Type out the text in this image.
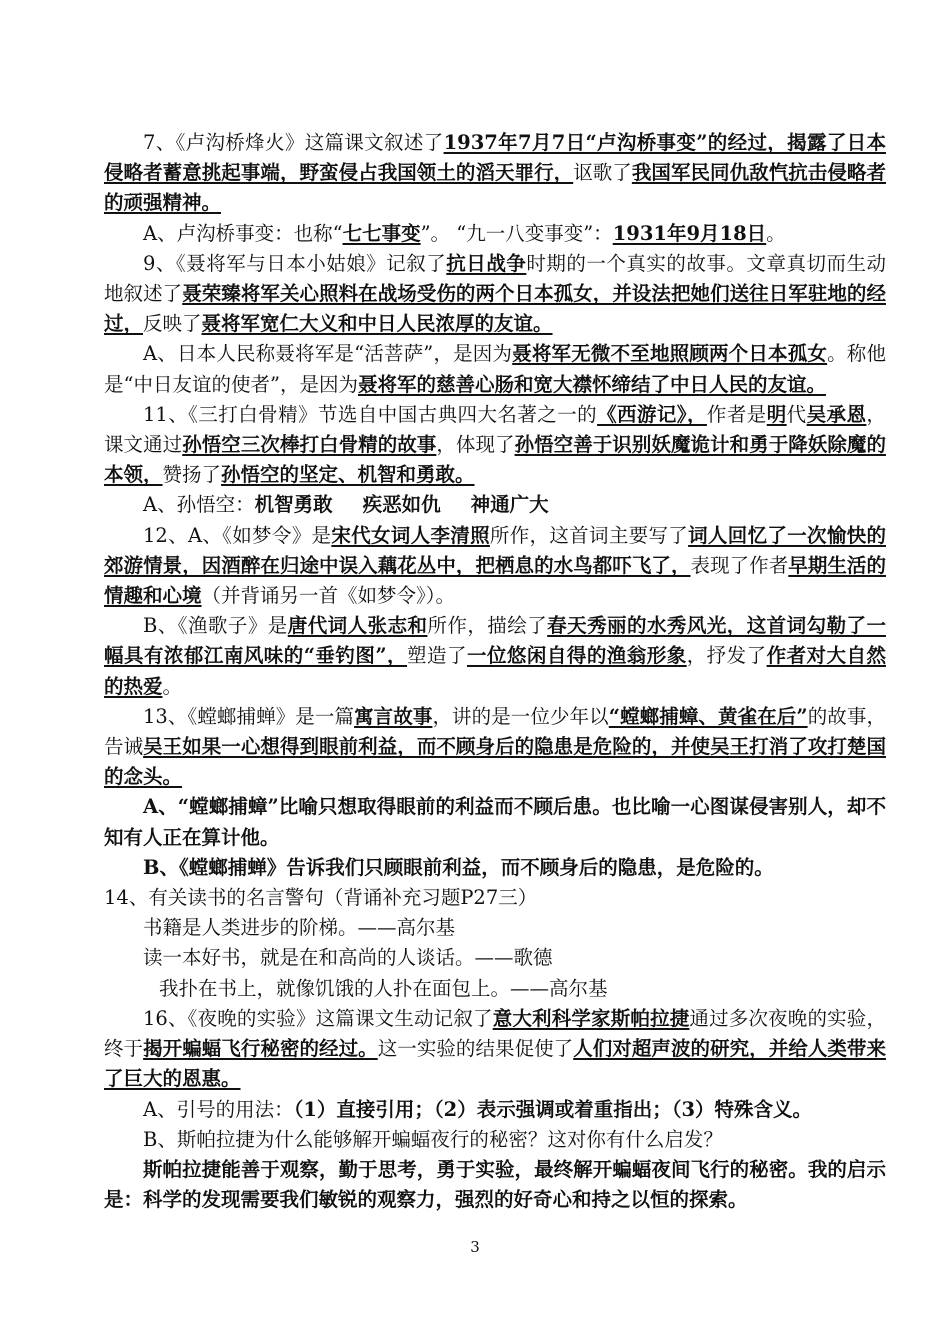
7、《卢沟桥烽火》这篇课文叙述了1937年7月7日“卢沟桥事变”的经过，揭露了日本侵略者蓄意挑起事端，野蛮侵占我国领土的滔天罪行，讴歌了我国军民同仇敌忾抗击侵略者的顽强精神。

A、卢沟桥事变：也称“七七事变”。 “九一八变事变”：1931年9月18日。

9、《聂将军与日本小姑娘》记叙了抗日战争时期的一个真实的故事。文章真切而生动地叙述了聂荣臻将军关心照料在战场受伤的两个日本孤女，并设法把她们送往日军驻地的经过，反映了聂将军宽仁大义和中日人民浓厚的友谊。

A、日本人民称聂将军是“活菩萨”，是因为聂将军无微不至地照顾两个日本孤女。称他是“中日友谊的使者”，是因为聂将军的慈善心肠和宽大襟怀缔结了中日人民的友谊。

11、《三打白骨精》节选自中国古典四大名著之一的《西游记》，作者是明代吴承恩，课文通过孙悟空三次棒打白骨精的故事，体现了孙悟空善于识别妖魔诡计和勇于降妖除魔的本领，赞扬了孙悟空的坚定、机智和勇敢。

A、孙悟空：机智勇敢 疾恶如仇 神通广大

12、A、《如梦令》是宋代女词人李清照所作，这首词主要写了词人回忆了一次愉快的郊游情景，因酒醉在归途中误入藕花丛中，把栖息的水鸟都吓飞了，表现了作者早期生活的情趣和心境（并背诵另一首《如梦令》）。

B、《渔歌子》是唐代词人张志和所作，描绘了春天秀丽的水秀风光，这首词勾勒了一幅具有浓郁江南风味的“垂钓图”，塑造了一位悠闲自得的渔翁形象，抒发了作者对大自然的热爱。

13、《螳螂捕蝉》是一篇寓言故事，讲的是一位少年以“螳螂捕蟑、黄雀在后”的故事，告诫吴王如果一心想得到眼前利益，而不顾身后的隐患是危险的，并使吴王打消了攻打楚国的念头。

A、“螳螂捕蟑”比喻只想取得眼前的利益而不顾后患。也比喻一心图谋侵害别人，却不知有人正在算计他。

B、《螳螂捕蝉》告诉我们只顾眼前利益，而不顾身后的隐患，是危险的。

14、有关读书的名言警句（背诵补充习题P27三）

书籍是人类进步的阶梯。——高尔基

读一本好书，就是在和高尚的人谈话。——歌德

我扑在书上，就像饥饿的人扑在面包上。——高尔基

16、《夜晚的实验》这篇课文生动记叙了意大利科学家斯帕拉捷通过多次夜晚的实验，终于揭开蝙蝠飞行秘密的经过。这一实验的结果促使了人们对超声波的研究，并给人类带来了巨大的恩惠。

A、引号的用法：（1）直接引用；（2）表示强调或着重指出；（3）特殊含义。

B、斯帕拉捷为什么能够解开蝙蝠夜行的秘密？这对你有什么启发？

斯帕拉捷能善于观察，勤于思考，勇于实验，最终解开蝙蝠夜间飞行的秘密。我的启示是：科学的发现需要我们敏锐的观察力，强烈的好奇心和持之以恒的探索。

3
